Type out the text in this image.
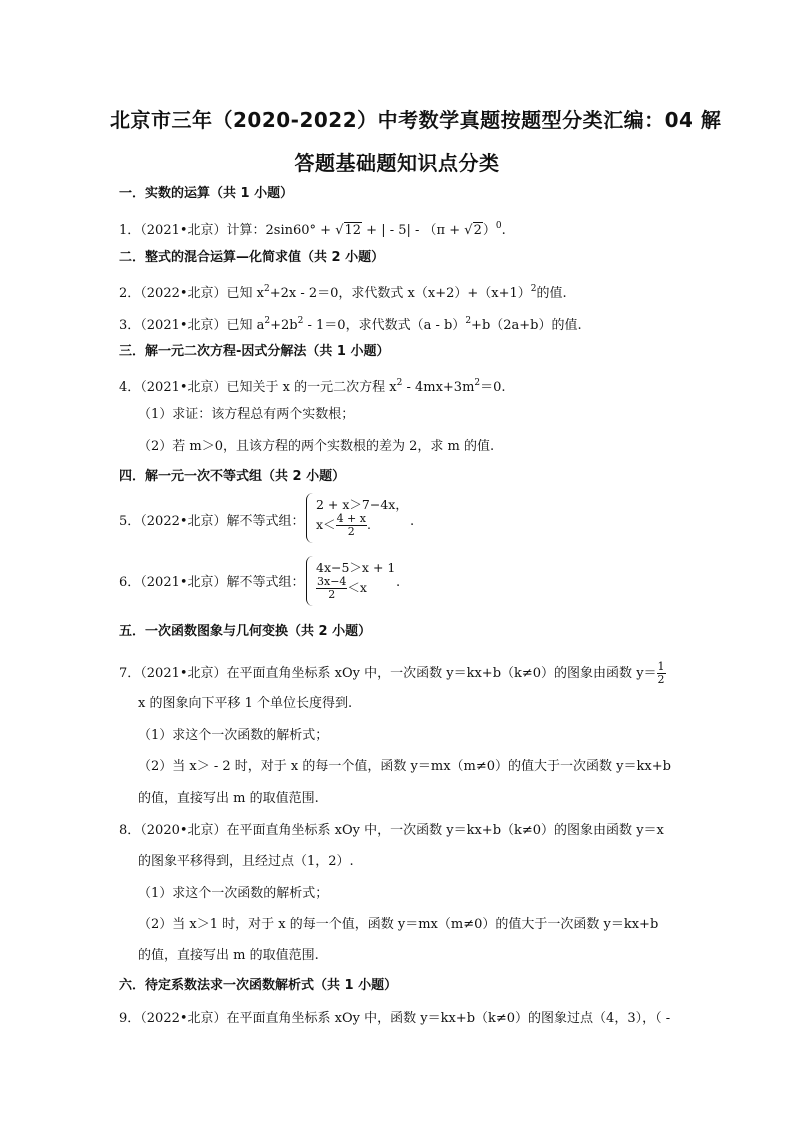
北京市三年（2020-2022）中考数学真题按题型分类汇编：04 解
答题基础题知识点分类
一．实数的运算（共 1 小题）
1．（2021•北京）计算：2sin60° + √12 + | - $5| - (\pi + √2)^0$.
二．整式的混合运算—化简求值（共 2 小题）
2．（2022•北京）已知 $x^2+2x - 2=0$，求代数式 $x(x+2)+(x+1)^2$的值.
3．（2021•北京）已知 $a^2+2b^2 - 1=0$，求代数式（a - b）$^2$+b（2a+b）的值.
三．解一元二次方程-因式分解法（共 1 小题）
4．（2021•北京）已知关于 x 的一元二次方程 $x^2 - 4mx+3m^2=0$.
（1）求证：该方程总有两个实数根；
（2）若 m＞0，且该方程的两个实数根的差为 2，求 m 的值.
四．解一元一次不等式组（共 2 小题）
5．（2022•北京）解不等式组：
2 + x＞7−4x，
$x< \frac{4 + x}{2}$ .	.
6．（2021•北京）解不等式组：
4x−5＞x + 1
$\frac{3x-4}{2} <x$ .
五．一次函数图象与几何变换（共 2 小题）
7．（2021•北京）在平面直角坐标系 xOy 中，一次函数 y＝kx+b（k≠0）的图象由函数 $y= \frac{1}{2}$
x 的图象向下平移 1 个单位长度得到.
（1）求这个一次函数的解析式；
（2）当 x＞ - 2 时，对于 x 的每一个值，函数 y＝mx（m≠0）的值大于一次函数 y＝kx+b
的值，直接写出 m 的取值范围.
8．（2020•北京）在平面直角坐标系 xOy 中，一次函数 y＝kx+b（k≠0）的图象由函数 y＝x
的图象平移得到，且经过点（1，2）.
（1）求这个一次函数的解析式；
（2）当 x＞1 时，对于 x 的每一个值，函数 y＝mx（m≠0）的值大于一次函数 y＝kx+b
的值，直接写出 m 的取值范围.
六．待定系数法求一次函数解析式（共 1 小题）
9．（2022•北京）在平面直角坐标系 xOy 中，函数 y＝kx+b（k≠0）的图象过点（4，3），（ -
